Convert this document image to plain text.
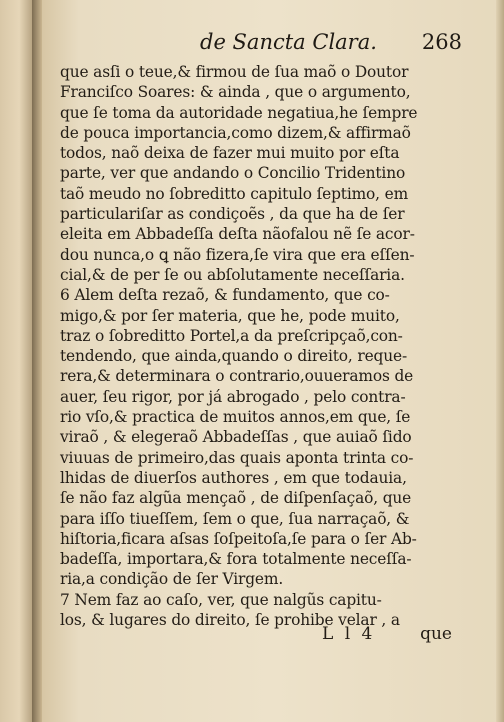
de Sancta Clara. 268
que asſi o teue,& firmou de ſua maõ o Doutor
Franciſco Soares: & ainda , que o argumento,
que ſe toma da autoridade negatiua,he ſempre
de pouca importancia,como dizem,& affirmaõ
todos, naõ deixa de fazer mui muito por eſta
parte, ver que andando o Concilio Tridentino
taõ meudo no ſobreditto capitulo ſeptimo, em
particulariſar as condiçoẽs , da que ha de ſer
eleita em Abbadeſſa deſta nãofalou nẽ ſe acor-
dou nunca,o ꝗ não fizera,ſe vira que era eſſen-
cial,& de per ſe ou abſolutamente neceſſaria.
6 Alem deſta rezaõ, & fundamento, que co-
migo,& por ſer materia, que he, pode muito,
traz o ſobreditto Portel,a da preſcripçaõ,con-
tendendo, que ainda,quando o direito, reque-
rera,& determinara o contrario,ouueramos de
auer, ſeu rigor, por já abrogado , pelo contra-
rio vſo,& practica de muitos annos,em que, ſe
viraõ , & elegeraõ Abbadeſſas , que auiaõ ſido
viuuas de primeiro,das quais aponta trinta co-
lhidas de diuerſos authores , em que todauia,
ſe não faz algũa mençaõ , de diſpenſaçaõ, que
para iſſo tiueſſem, ſem o que, ſua narraçaõ, &
hiſtoria,ficara aſsas ſoſpeitoſa,ſe para o ſer Ab-
badeſſa, importara,& fora totalmente neceſſa-
ria,a condição de ſer Virgem.
7 Nem faz ao caſo, ver, que nalgũs capitu-
los, & lugares do direito, ſe prohibe velar , a
L l 4	que
